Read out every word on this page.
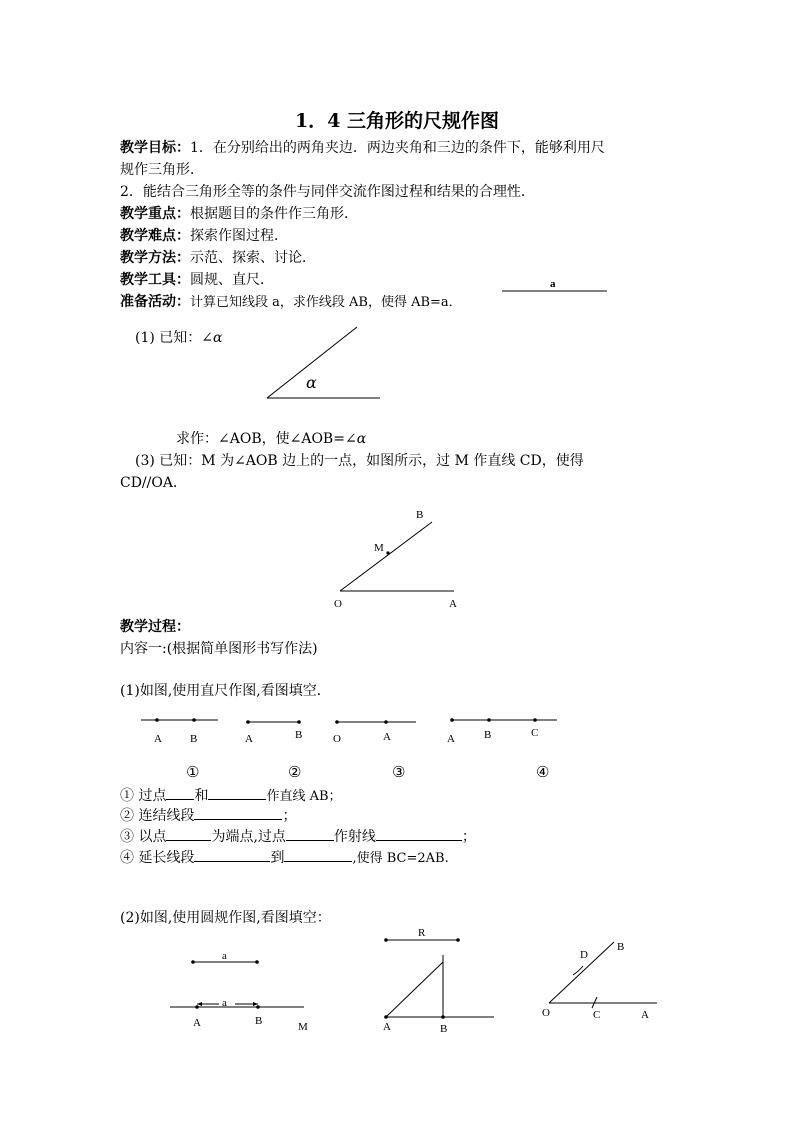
1．4 三角形的尺规作图
教学目标：1．在分别给出的两角夹边．两边夹角和三边的条件下，能够利用尺
规作三角形．
2．能结合三角形全等的条件与同伴交流作图过程和结果的合理性．
教学重点：根据题目的条件作三角形．
教学难点：探索作图过程．
教学方法：示范、探索、讨论．
教学工具：圆规、直尺．
准备活动：计算已知线段 a，求作线段 AB，使得 AB=a．
a
(1) 已知：∠α
α
求作：∠AOB，使∠AOB=∠α
(3) 已知：M 为∠AOB 边上的一点，如图所示，过 M 作直线 CD，使得
CD//OA．
B
M
O	A
教学过程：
内容一:(根据简单图形书写作法)
(1)如图,使用直尺作图,看图填空．
A	B	A	B	O	A	A	B	C
①	②	③	④
① 过点 和	作直线 AB；
② 连结线段	；
③ 以点	为端点,过点	作射线	；
④ 延长线段	到	,使得 BC=2AB.
(2)如图,使用圆规作图,看图填空：
a
a
A	B	M
R
A	B
D
B
O	C	A
